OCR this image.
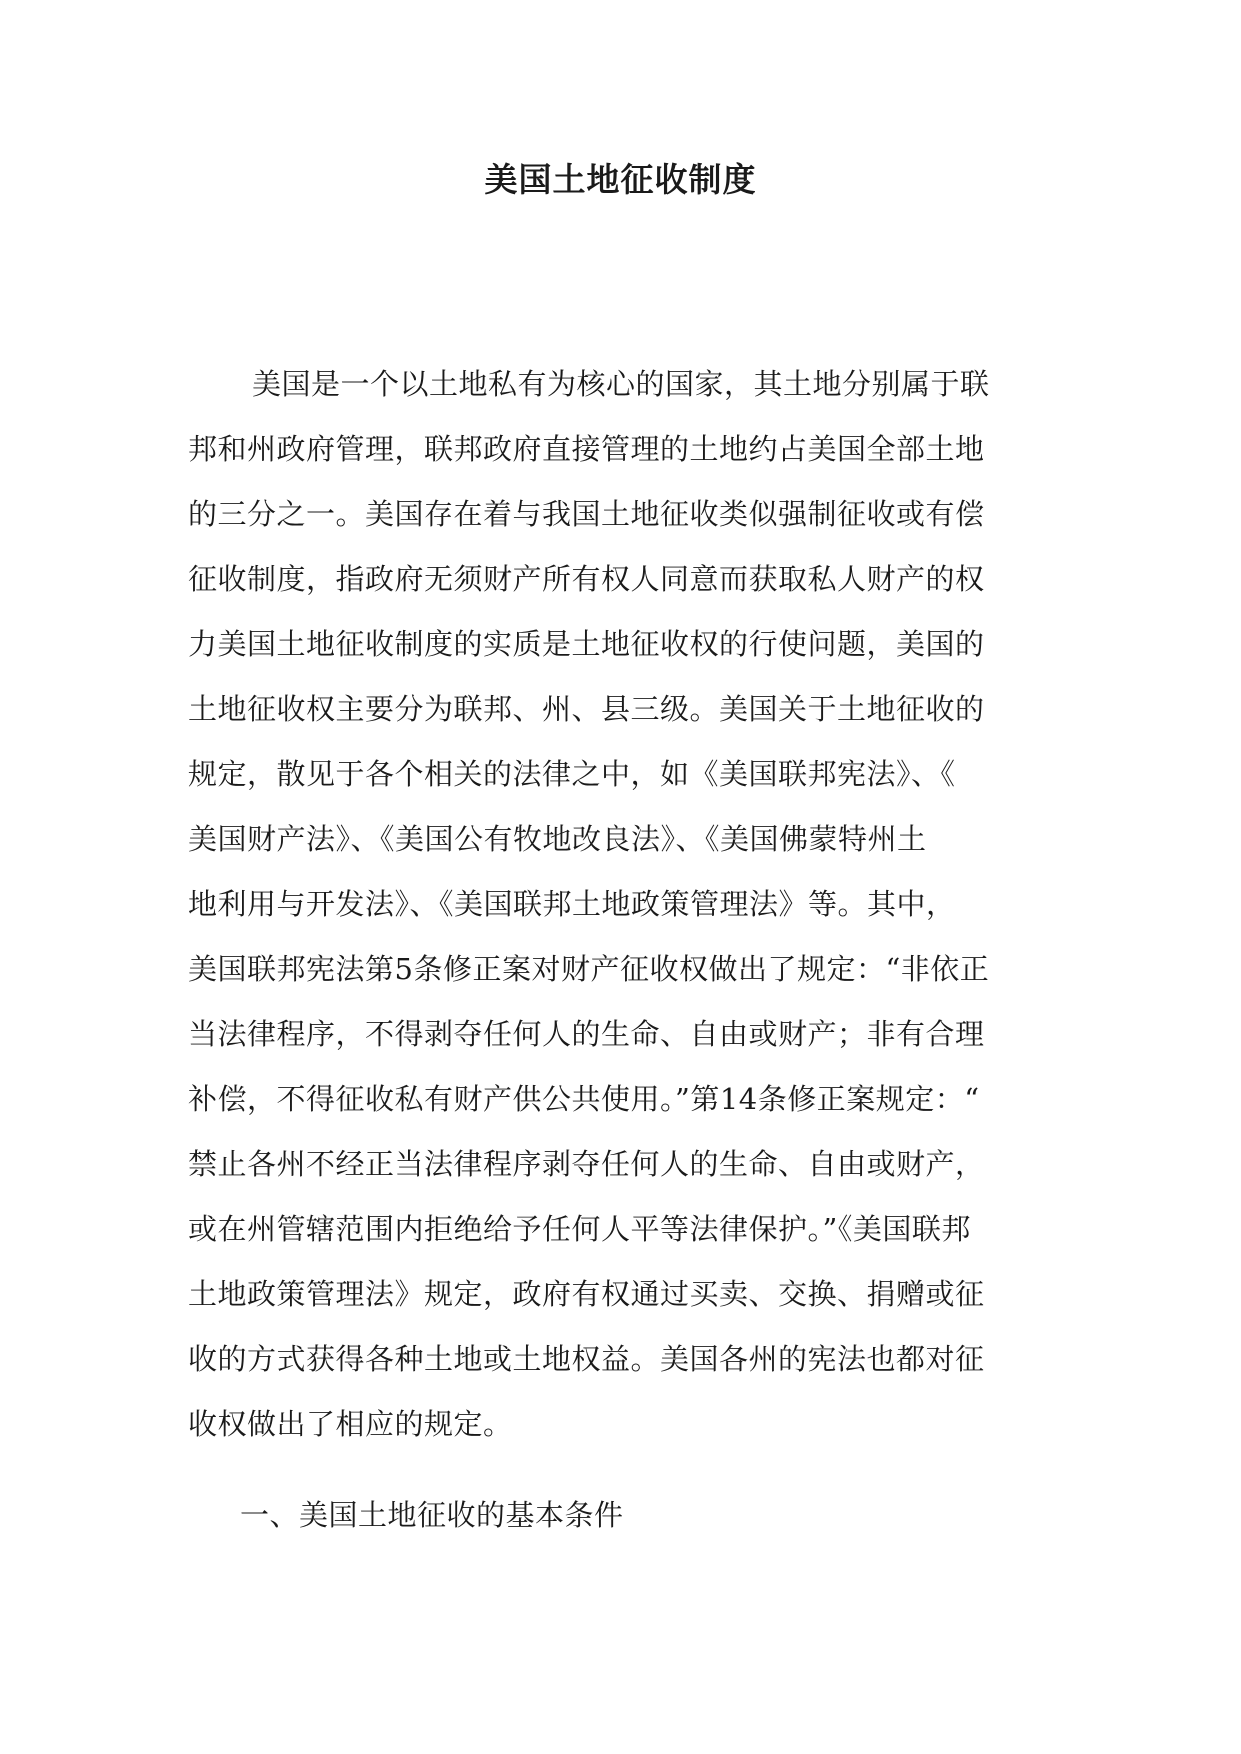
美国土地征收制度
美国是一个以土地私有为核心的国家，其土地分别属于联
邦和州政府管理，联邦政府直接管理的土地约占美国全部土地
的三分之一。美国存在着与我国土地征收类似强制征收或有偿
征收制度，指政府无须财产所有权人同意而获取私人财产的权
力美国土地征收制度的实质是土地征收权的行使问题，美国的
土地征收权主要分为联邦、州、县三级。美国关于土地征收的
规定，散见于各个相关的法律之中，如《美国联邦宪法》、《
美国财产法》、《美国公有牧地改良法》、《美国佛蒙特州土
地利用与开发法》、《美国联邦土地政策管理法》等。其中，
美国联邦宪法第5条修正案对财产征收权做出了规定：“非依正
当法律程序，不得剥夺任何人的生命、自由或财产；非有合理
补偿，不得征收私有财产供公共使用。”第14条修正案规定：“
禁止各州不经正当法律程序剥夺任何人的生命、自由或财产，
或在州管辖范围内拒绝给予任何人平等法律保护。”《美国联邦
土地政策管理法》规定，政府有权通过买卖、交换、捐赠或征
收的方式获得各种土地或土地权益。美国各州的宪法也都对征
收权做出了相应的规定。
一、美国土地征收的基本条件
